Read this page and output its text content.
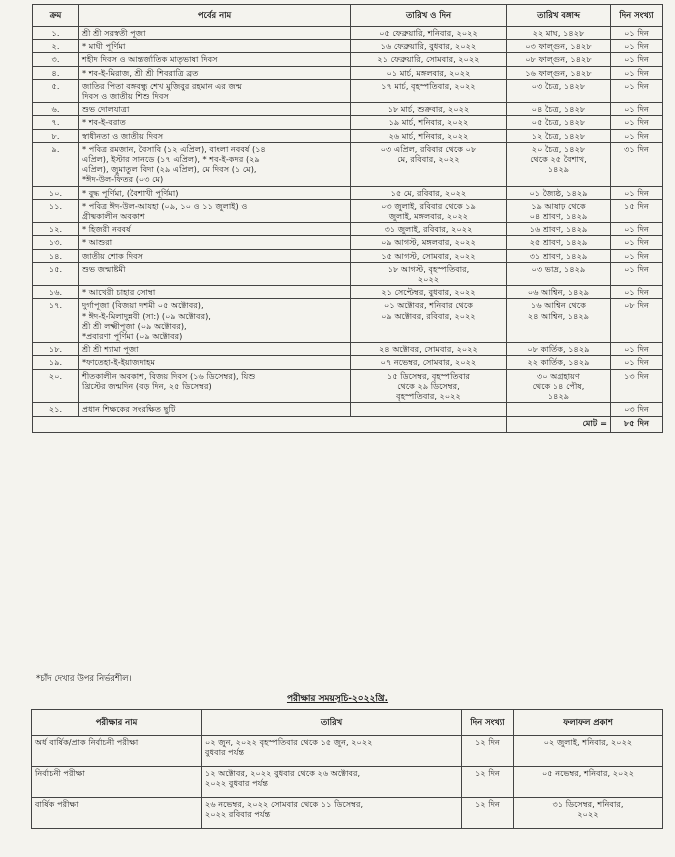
ক্রম	পর্বের নাম	তারিখ ও দিন	তারিখ বঙ্গাব্দ	দিন সংখ্যা
১.	শ্রী শ্রী সরস্বতী পূজা	০৫ ফেব্রুয়ারি, শনিবার, ২০২২	২২ মাঘ, ১৪২৮	০১ দিন
২.	* মাঘী পূর্ণিমা	১৬ ফেব্রুয়ারি, বুধবার, ২০২২	০৩ ফাল্গুন, ১৪২৮	০১ দিন
৩.	শহীদ দিবস ও আন্তর্জাতিক মাতৃভাষা দিবস	২১ ফেব্রুয়ারি, সোমবার, ২০২২	০৮ ফাল্গুন, ১৪২৮	০১ দিন
৪.	* শব-ই-মিরাজ, শ্রী শ্রী শিবরাত্রি ব্রত	০১ মার্চ, মঙ্গলবার, ২০২২	১৬ ফাল্গুন, ১৪২৮	০১ দিন
৫.	জাতির পিতা বঙ্গবন্ধু শেখ মুজিবুর রহমান এর জন্ম
দিবস ও জাতীয় শিশু দিবস	১৭ মার্চ, বৃহস্পতিবার, ২০২২	০৩ চৈত্র, ১৪২৮	০১ দিন
৬.	শুভ দোলযাত্রা	১৮ মার্চ, শুক্রবার, ২০২২	০৪ চৈত্র, ১৪২৮	০১ দিন
৭.	* শব-ই-বরাত	১৯ মার্চ, শনিবার, ২০২২	০৫ চৈত্র, ১৪২৮	০১ দিন
৮.	স্বাধীনতা ও জাতীয় দিবস	২৬ মার্চ, শনিবার, ২০২২	১২ চৈত্র, ১৪২৮	০১ দিন
৯.	* পবিত্র রমজান, বৈসাবি (১২ এপ্রিল), বাংলা নববর্ষ (১৪
এপ্রিল), ইস্টার সানডে (১৭ এপ্রিল), * শব-ই-কদর (২৯
এপ্রিল), জুমাতুল বিদা (২৯ এপ্রিল), মে দিবস (১ মে),
*ঈদ-উল-ফিতর (০৩ মে)	০৩ এপ্রিল, রবিবার থেকে ০৮
মে, রবিবার, ২০২২	২০ চৈত্র, ১৪২৮
থেকে ২৫ বৈশাখ,
১৪২৯	৩১ দিন
১০.	* বুদ্ধ পূর্ণিমা, (বৈশাখী পূর্ণিমা)	১৫ মে, রবিবার, ২০২২	০১ জ্যৈষ্ঠ, ১৪২৯	০১ দিন
১১.	* পবিত্র ঈদ-উল-আযহা (০৯, ১০ ও ১১ জুলাই) ও
গ্রীষ্মকালীন অবকাশ	০৩ জুলাই, রবিবার থেকে ১৯
জুলাই, মঙ্গলবার, ২০২২	১৯ আষাঢ় থেকে
০৪ শ্রাবণ, ১৪২৯	১৫ দিন
১২.	* হিজরী নববর্ষ	৩১ জুলাই, রবিবার, ২০২২	১৬ শ্রাবণ, ১৪২৯	০১ দিন
১৩.	* আশুরা	০৯ আগস্ট, মঙ্গলবার, ২০২২	২৫ শ্রাবণ, ১৪২৯	০১ দিন
১৪.	জাতীয় শোক দিবস	১৫ আগস্ট, সোমবার, ২০২২	৩১ শ্রাবণ, ১৪২৯	০১ দিন
১৫.	শুভ জন্মাষ্টমী	১৮ আগস্ট, বৃহস্পতিবার,
২০২২	০৩ ভাদ্র, ১৪২৯	০১ দিন
১৬.	* আখেরী চাহার সোম্বা	২১ সেপ্টেম্বর, বুধবার, ২০২২	০৬ আশ্বিন, ১৪২৯	০১ দিন
১৭.	দুর্গাপূজা (বিজয়া দশমী ০৫ অক্টোবর),
* ঈদ-ই-মিলাদুন্নবী (সা:) (০৯ অক্টোবর),
শ্রী শ্রী লক্ষ্মীপূজা (০৯ অক্টোবর),
*প্রবারণা পূর্ণিমা (০৯ অক্টোবর)	০১ অক্টোবর, শনিবার থেকে
০৯ অক্টোবর, রবিবার, ২০২২	১৬ আশ্বিন থেকে
২৪ আশ্বিন, ১৪২৯	০৮ দিন
১৮.	শ্রী শ্রী শ্যামা পূজা	২৪ অক্টোবর, সোমবার, ২০২২	০৮ কার্তিক, ১৪২৯	০১ দিন
১৯.	*ফাতেহা-ই-ইয়াজদাহম	০৭ নভেম্বর, সোমবার, ২০২২	২২ কার্তিক, ১৪২৯	০১ দিন
২০.	শীতকালীন অবকাশ, বিজয় দিবস (১৬ ডিসেম্বর), যিশু
খ্রিস্টের জন্মদিন (বড় দিন, ২৫ ডিসেম্বর)	১৫ ডিসেম্বর, বৃহস্পতিবার
থেকে ২৯ ডিসেম্বর,
বৃহস্পতিবার, ২০২২	৩০ অগ্রহায়ণ
থেকে ১৪ পৌষ,
১৪২৯	১৩ দিন
২১.	প্রধান শিক্ষকের সংরক্ষিত ছুটি			০৩ দিন
			মোট =	৮৫ দিন
*চাঁদ দেখার উপর নির্ভরশীল।
পরীক্ষার সময়সূচি-২০২২খ্রি.
পরীক্ষার নাম	তারিখ	দিন সংখ্যা	ফলাফল প্রকাশ
অর্ধ বার্ষিক/প্রাক নির্বাচনী পরীক্ষা	০২ জুন, ২০২২ বৃহস্পতিবার থেকে ১৫ জুন, ২০২২
বুধবার পর্যন্ত	১২ দিন	০২ জুলাই, শনিবার, ২০২২

নির্বাচনী পরীক্ষা	১২ অক্টোবর, ২০২২ বুধবার থেকে ২৬ অক্টোবর,
২০২২ বুধবার পর্যন্ত	১২ দিন	০৫ নভেম্বর, শনিবার, ২০২২

বার্ষিক পরীক্ষা	২৬ নভেম্বর, ২০২২ সোমবার থেকে ১১ ডিসেম্বর,
২০২২ রবিবার পর্যন্ত	১২ দিন	৩১ ডিসেম্বর, শনিবার,
২০২২
